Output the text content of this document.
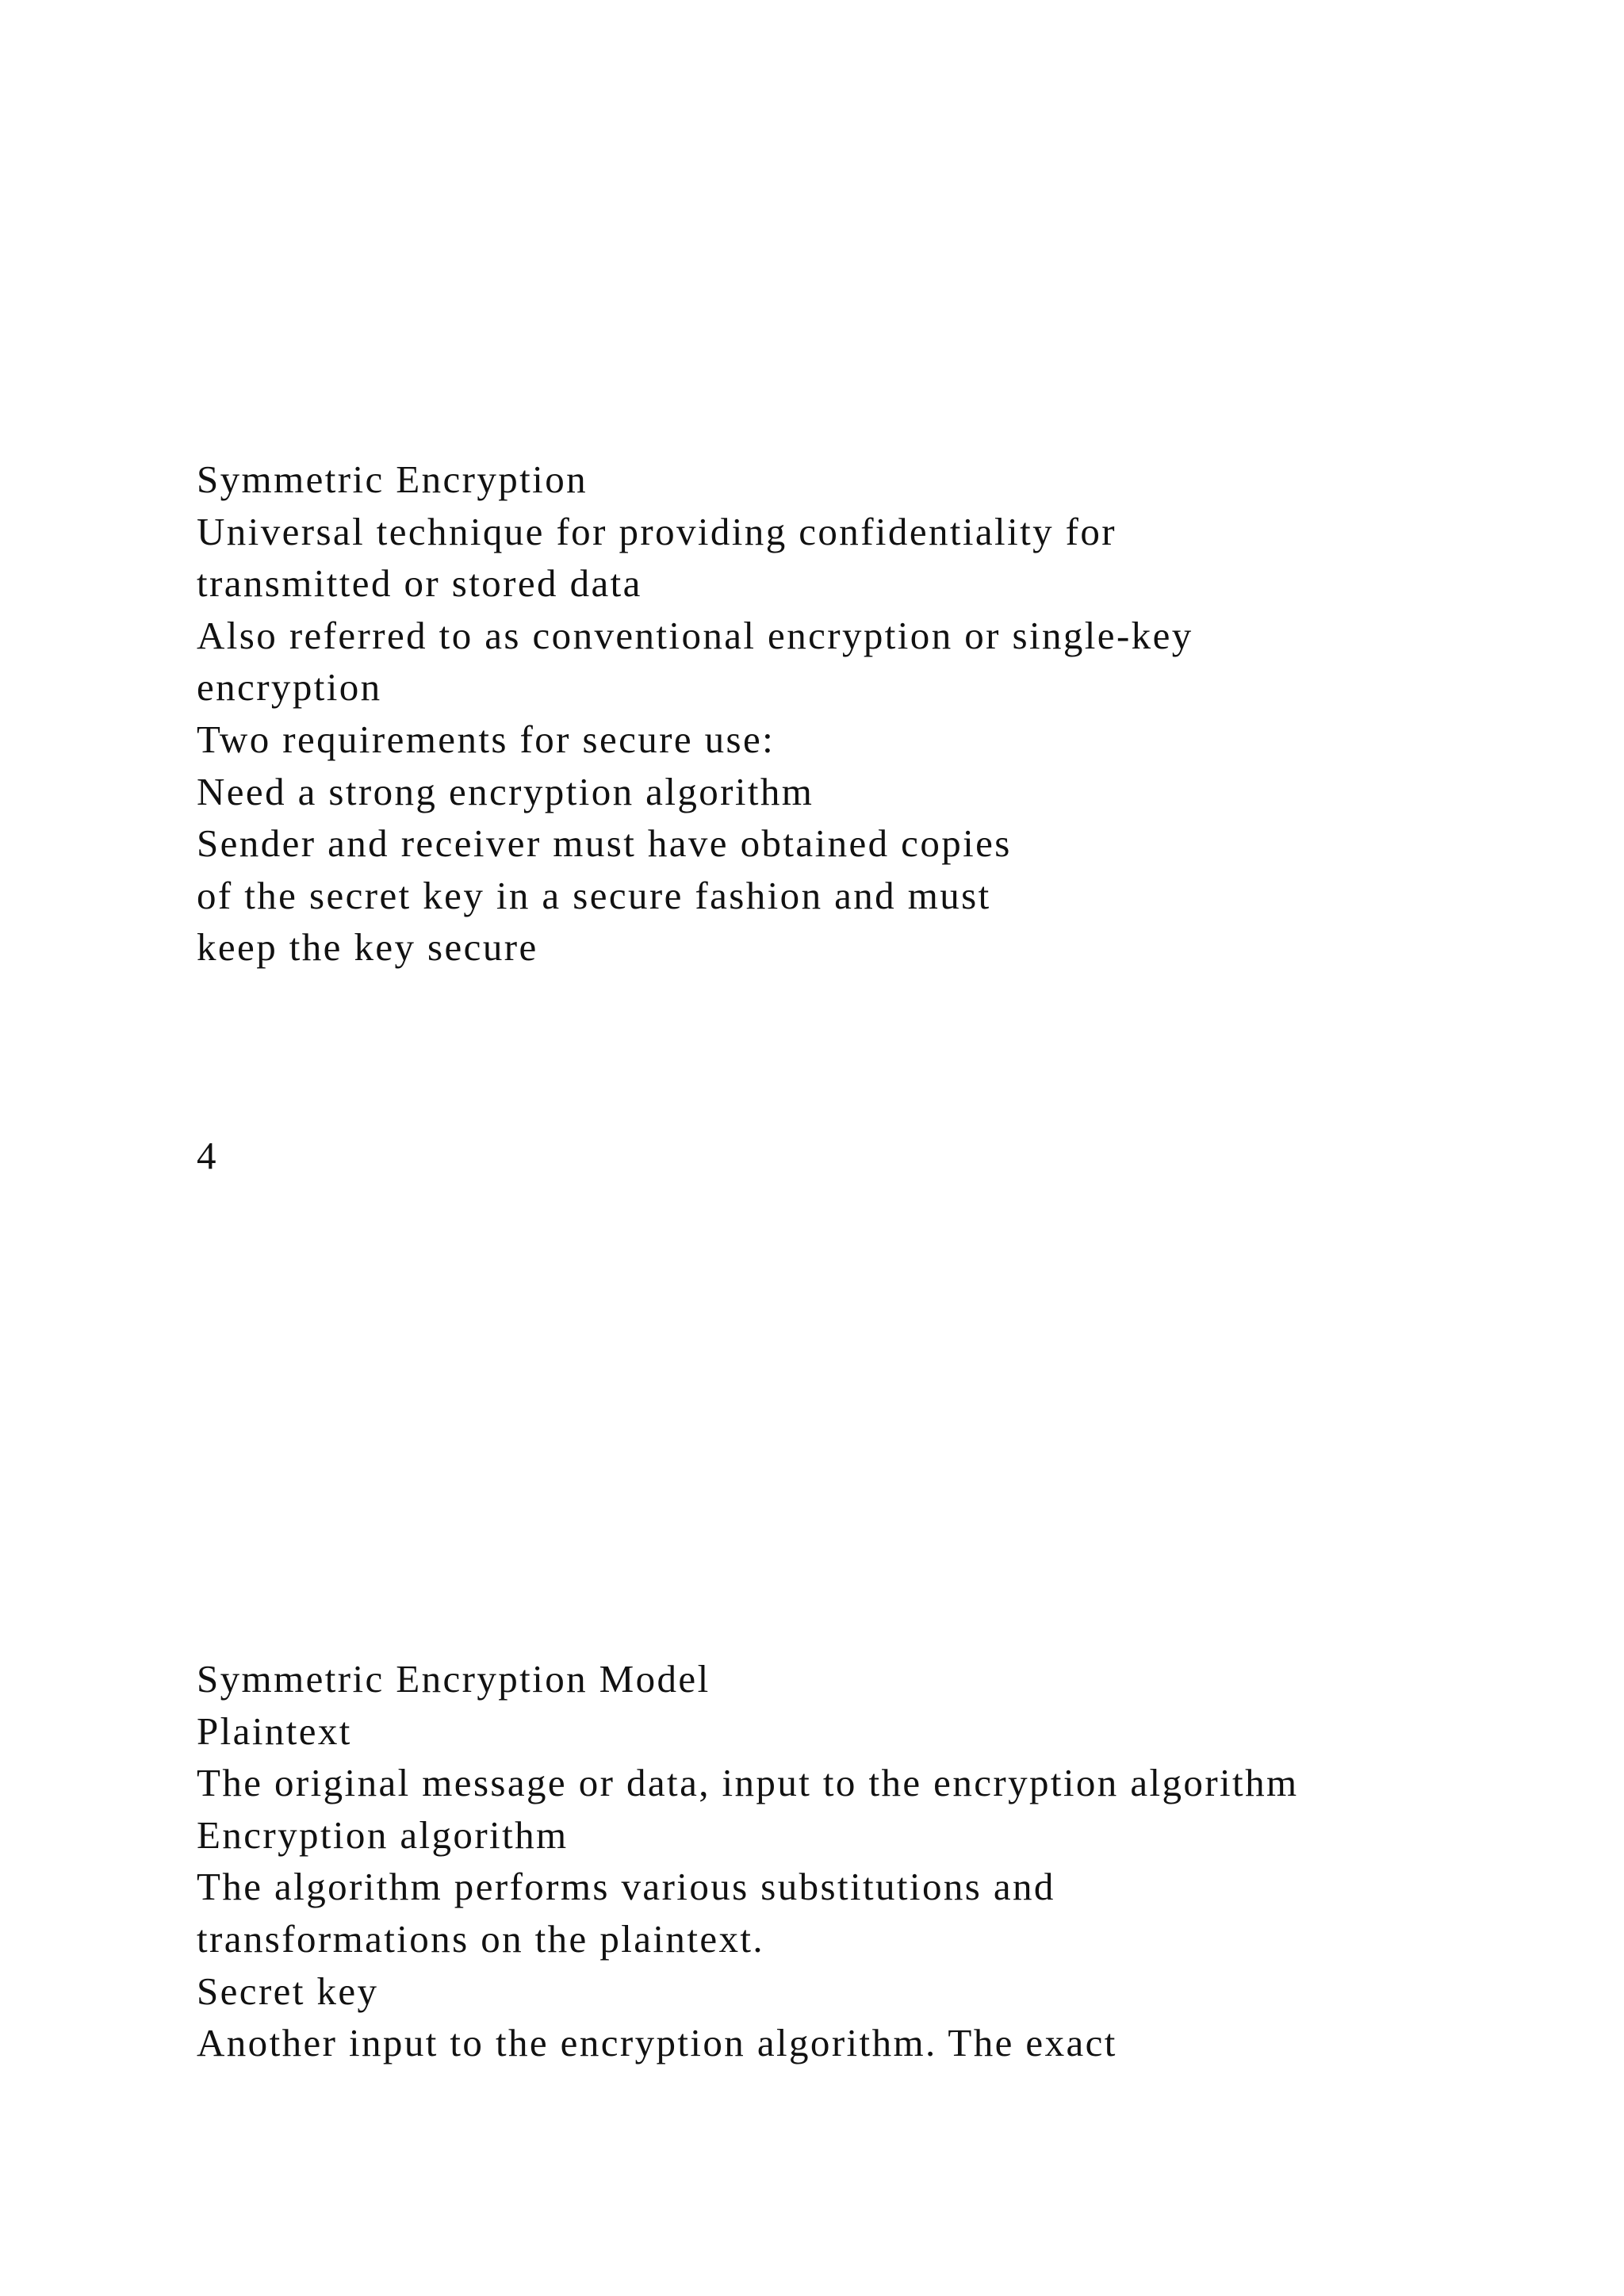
Symmetric Encryption
Universal technique for providing confidentiality for
transmitted or stored data
Also referred to as conventional encryption or single-key
encryption
Two requirements for secure use:
Need a strong encryption algorithm
Sender and receiver must have obtained copies
of the secret key in a secure fashion and must
keep the key secure
4
Symmetric Encryption Model
Plaintext
The original message or data, input to the encryption algorithm
Encryption algorithm
The algorithm performs various substitutions and
transformations on the plaintext.
Secret key
Another input to the encryption algorithm. The exact
